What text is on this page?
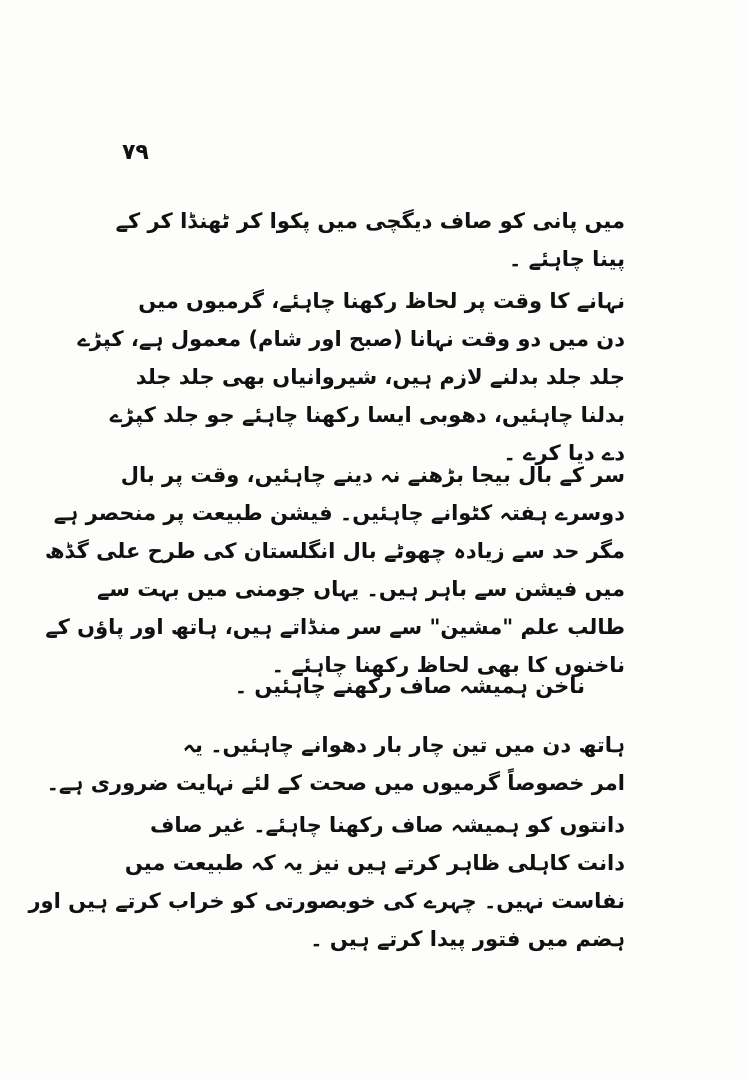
۷۹
میں پانی کو صاف دیگچی میں پکوا کر ٹھنڈا کر کے
پینا چاہئے ۔
نہانے کا وقت پر لحاظ رکھنا چاہئے، گرمیوں میں
دن میں دو وقت نہانا (صبح اور شام) معمول ہے، کپڑے
جلد جلد بدلنے لازم ہیں، شیروانیاں بھی جلد جلد
بدلنا چاہئیں، دھوبی ایسا رکھنا چاہئے جو جلد کپڑے
دے دیا کرے ۔
سر کے بال بیجا بڑھنے نہ دینے چاہئیں، وقت پر بال
دوسرے ہفتہ کٹوانے چاہئیں۔ فیشن طبیعت پر منحصر ہے
مگر حد سے زیادہ چھوٹے بال انگلستان کی طرح علی گڈھ
میں فیشن سے باہر ہیں۔ یہاں جومنی میں بہت سے
طالب علم "مشین" سے سر منڈاتے ہیں، ہاتھ اور پاؤں کے
ناخنوں کا بھی لحاظ رکھنا چاہئے ۔
ناخن ہمیشہ صاف رکھنے چاہئیں ۔
ہاتھ دن میں تین چار بار دھوانے چاہئیں۔ یہ
امر خصوصاً گرمیوں میں صحت کے لئے نہایت ضروری ہے۔
دانتوں کو ہمیشہ صاف رکھنا چاہئے۔ غیر صاف
دانت کاہلی ظاہر کرتے ہیں نیز یہ کہ طبیعت میں
نفاست نہیں۔ چہرے کی خوبصورتی کو خراب کرتے ہیں اور
ہضم میں فتور پیدا کرتے ہیں ۔
